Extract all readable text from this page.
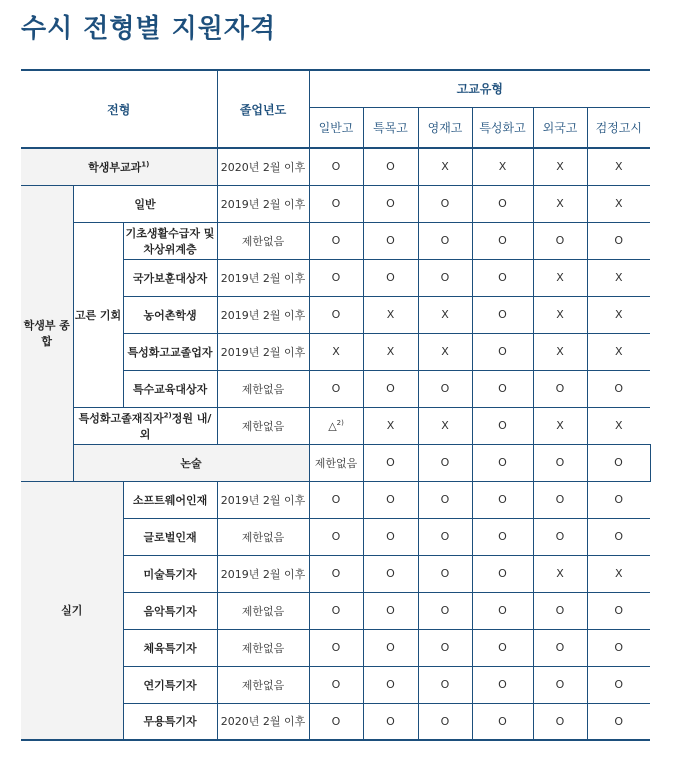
수시 전형별 지원자격
전형			졸업년도	고교유형						
				일반고	특목고	영재고	특성화고	외국고	검정고시	
학생부교과$^{1)}$			2020년 2월 이후	O	O	X	X	X	X	
학생부 종합	일반		2019년 2월 이후	O	O	O	O	X	X	
	고른 기회	기초생활수급자 및 차상위계층	제한없음	O	O	O	O	O	O	
		국가보훈대상자	2019년 2월 이후	O	O	O	O	X	X	
		농어촌학생	2019년 2월 이후	O	X	X	O	X	X	
		특성화고교졸업자	2019년 2월 이후	X	X	X	O	X	X	
		특수교육대상자	제한없음	O	O	O	O	O	O	
	특성화고졸재직자$^{2)}$정원 내/외		제한없음	△$^{2)}$	X	X	O	X	X	
	논술			제한없음	O	O	O	O	O	
실기		소프트웨어인재	2019년 2월 이후	O	O	O	O	O	O	
		글로벌인재	제한없음	O	O	O	O	O	O	
		미술특기자	2019년 2월 이후	O	O	O	O	X	X	
		음악특기자	제한없음	O	O	O	O	O	O	
		체육특기자	제한없음	O	O	O	O	O	O	
		연기특기자	제한없음	O	O	O	O	O	O	
		무용특기자	2020년 2월 이후	O	O	O	O	O	O	
